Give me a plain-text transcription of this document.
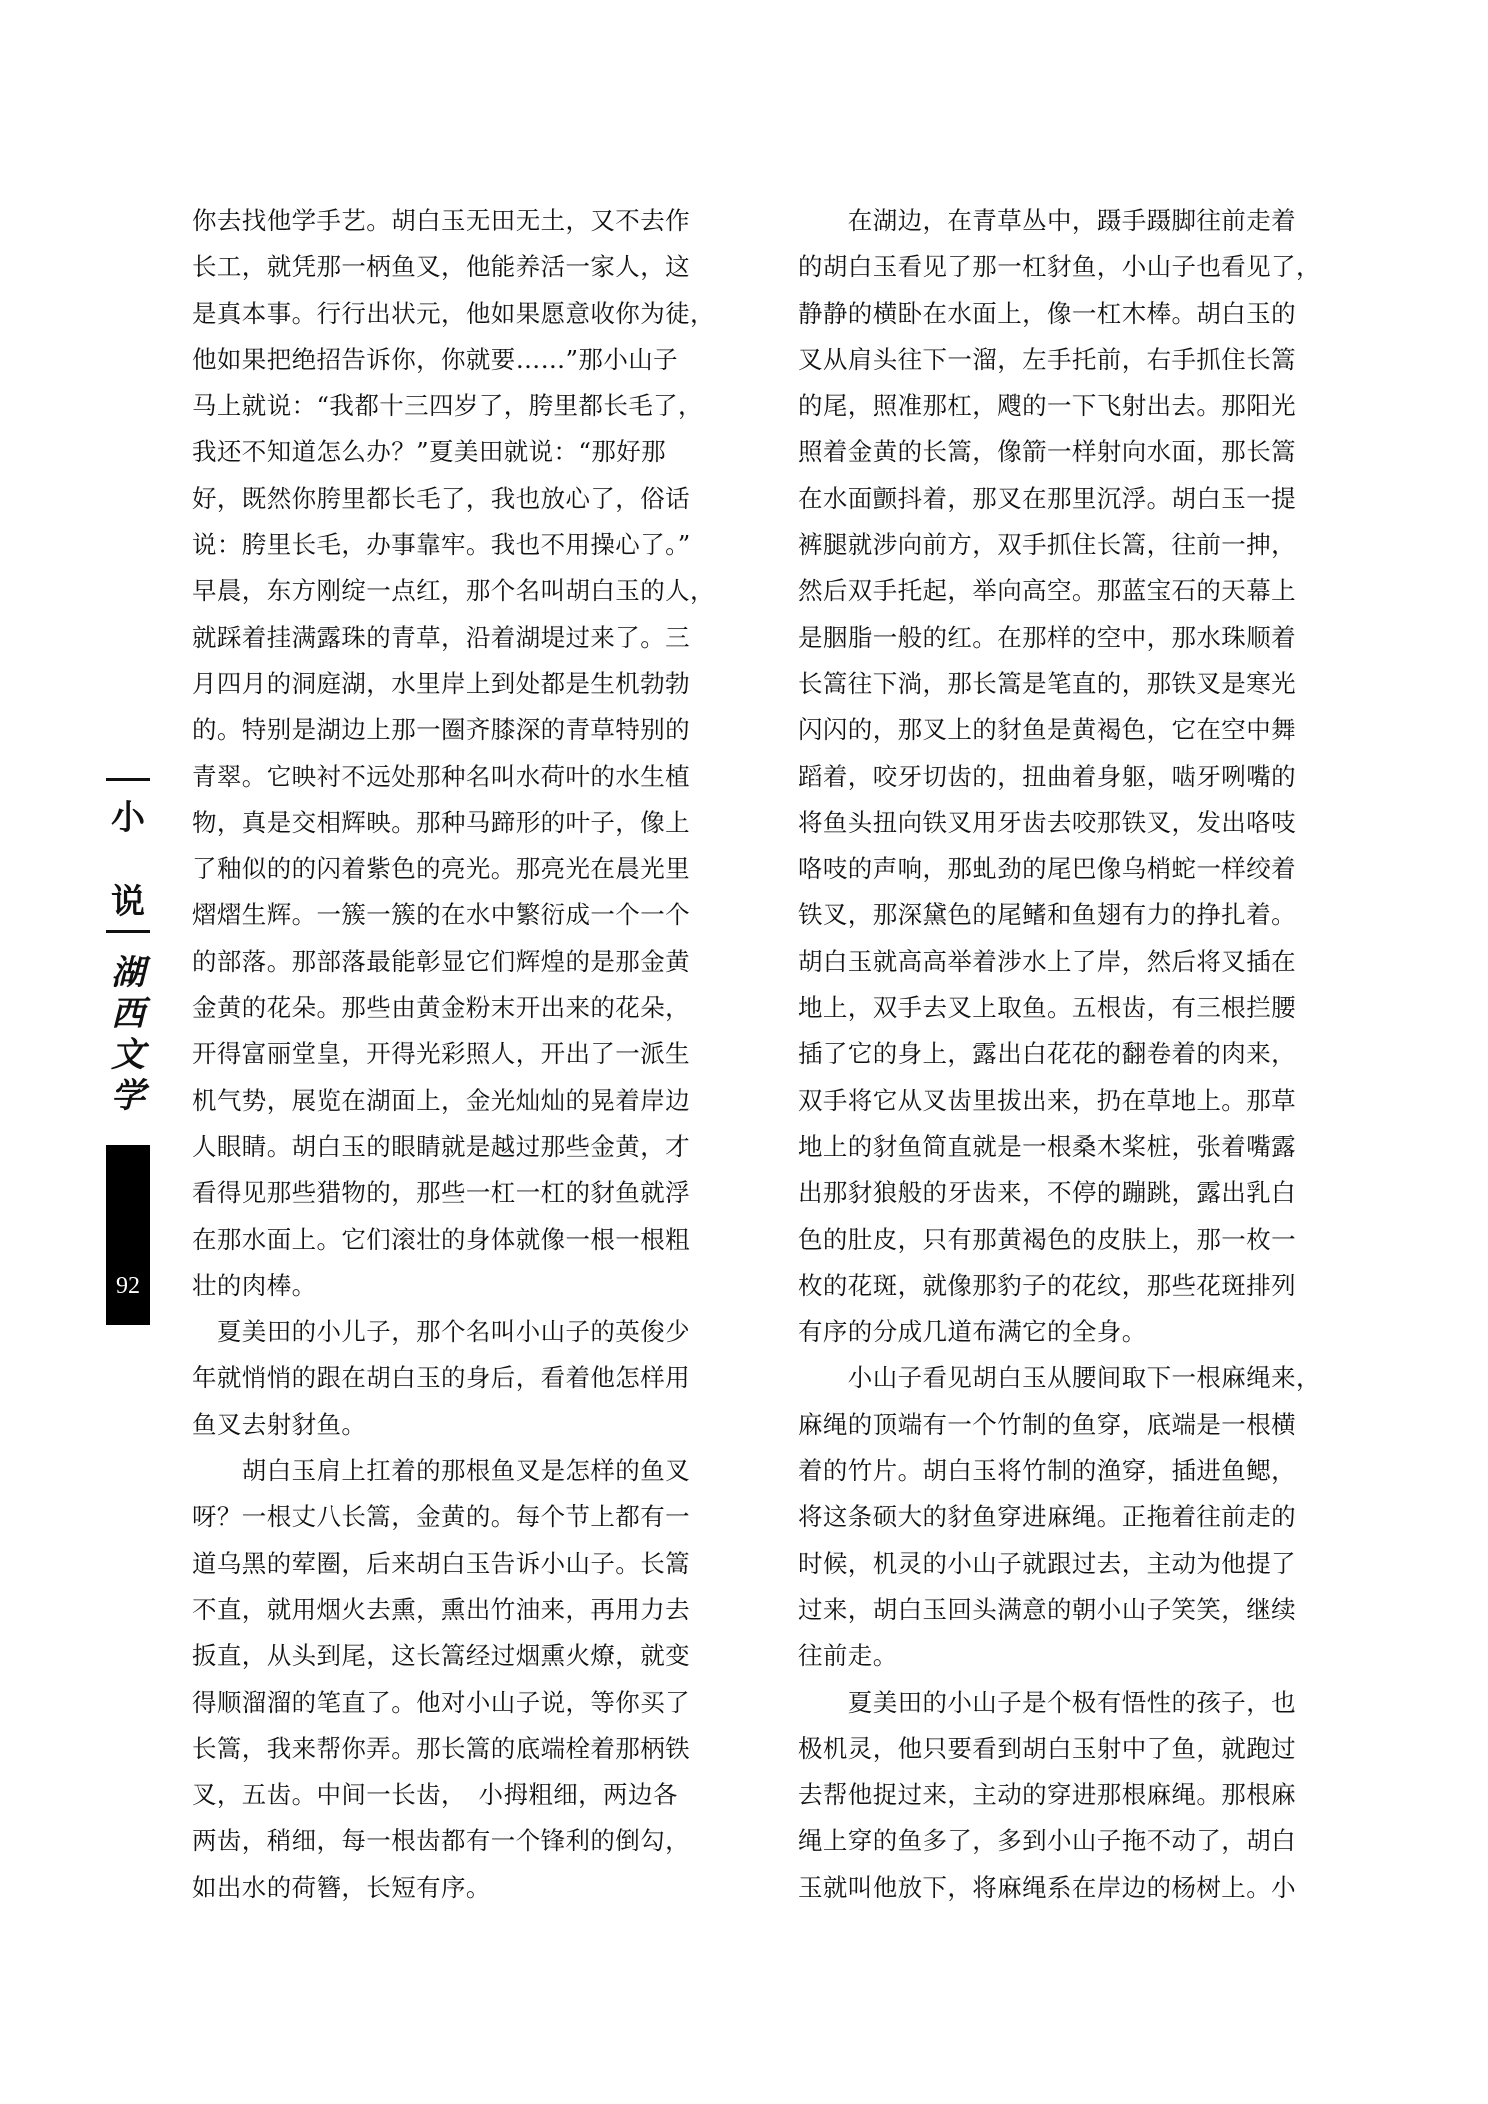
小
说
湖
西
文
学
92
你去找他学手艺。胡白玉无田无土，又不去作
长工，就凭那一柄鱼叉，他能养活一家人，这
是真本事。行行出状元，他如果愿意收你为徒，
他如果把绝招告诉你，你就要……”那小山子
马上就说：“我都十三四岁了，胯里都长毛了，
我还不知道怎么办？”夏美田就说：“那好那
好，既然你胯里都长毛了，我也放心了，俗话
说：胯里长毛，办事靠牢。我也不用操心了。”
早晨，东方刚绽一点红，那个名叫胡白玉的人，
就踩着挂满露珠的青草，沿着湖堤过来了。三
月四月的洞庭湖，水里岸上到处都是生机勃勃
的。特别是湖边上那一圈齐膝深的青草特别的
青翠。它映衬不远处那种名叫水荷叶的水生植
物，真是交相辉映。那种马蹄形的叶子，像上
了釉似的的闪着紫色的亮光。那亮光在晨光里
熠熠生辉。一簇一簇的在水中繁衍成一个一个
的部落。那部落最能彰显它们辉煌的是那金黄
金黄的花朵。那些由黄金粉末开出来的花朵，
开得富丽堂皇，开得光彩照人，开出了一派生
机气势，展览在湖面上，金光灿灿的晃着岸边
人眼睛。胡白玉的眼睛就是越过那些金黄，才
看得见那些猎物的，那些一杠一杠的豺鱼就浮
在那水面上。它们滚壮的身体就像一根一根粗
壮的肉棒。
　夏美田的小儿子，那个名叫小山子的英俊少
年就悄悄的跟在胡白玉的身后，看着他怎样用
鱼叉去射豺鱼。
　　胡白玉肩上扛着的那根鱼叉是怎样的鱼叉
呀？一根丈八长篙，金黄的。每个节上都有一
道乌黑的荤圈，后来胡白玉告诉小山子。长篙
不直，就用烟火去熏，熏出竹油来，再用力去
扳直，从头到尾，这长篙经过烟熏火燎，就变
得顺溜溜的笔直了。他对小山子说，等你买了
长篙，我来帮你弄。那长篙的底端栓着那柄铁
叉，五齿。中间一长齿，　小拇粗细，两边各
两齿，稍细，每一根齿都有一个锋利的倒勾，
如出水的荷簪，长短有序。
　　在湖边，在青草丛中，蹑手蹑脚往前走着
的胡白玉看见了那一杠豺鱼，小山子也看见了，
静静的横卧在水面上，像一杠木棒。胡白玉的
叉从肩头往下一溜，左手托前，右手抓住长篙
的尾，照准那杠，飕的一下飞射出去。那阳光
照着金黄的长篙，像箭一样射向水面，那长篙
在水面颤抖着，那叉在那里沉浮。胡白玉一提
裤腿就涉向前方，双手抓住长篙，往前一抻，
然后双手托起，举向高空。那蓝宝石的天幕上
是胭脂一般的红。在那样的空中，那水珠顺着
长篙往下淌，那长篙是笔直的，那铁叉是寒光
闪闪的，那叉上的豺鱼是黄褐色，它在空中舞
蹈着，咬牙切齿的，扭曲着身躯，啮牙咧嘴的
将鱼头扭向铁叉用牙齿去咬那铁叉，发出咯吱
咯吱的声响，那虬劲的尾巴像乌梢蛇一样绞着
铁叉，那深黛色的尾鳍和鱼翅有力的挣扎着。
胡白玉就高高举着涉水上了岸，然后将叉插在
地上，双手去叉上取鱼。五根齿，有三根拦腰
插了它的身上，露出白花花的翻卷着的肉来，
双手将它从叉齿里拔出来，扔在草地上。那草
地上的豺鱼简直就是一根桑木桨桩，张着嘴露
出那豺狼般的牙齿来，不停的蹦跳，露出乳白
色的肚皮，只有那黄褐色的皮肤上，那一枚一
枚的花斑，就像那豹子的花纹，那些花斑排列
有序的分成几道布满它的全身。
　　小山子看见胡白玉从腰间取下一根麻绳来，
麻绳的顶端有一个竹制的鱼穿，底端是一根横
着的竹片。胡白玉将竹制的渔穿，插进鱼鳃，
将这条硕大的豺鱼穿进麻绳。正拖着往前走的
时候，机灵的小山子就跟过去，主动为他提了
过来，胡白玉回头满意的朝小山子笑笑，继续
往前走。
　　夏美田的小山子是个极有悟性的孩子，也
极机灵，他只要看到胡白玉射中了鱼，就跑过
去帮他捉过来，主动的穿进那根麻绳。那根麻
绳上穿的鱼多了，多到小山子拖不动了，胡白
玉就叫他放下，将麻绳系在岸边的杨树上。小
